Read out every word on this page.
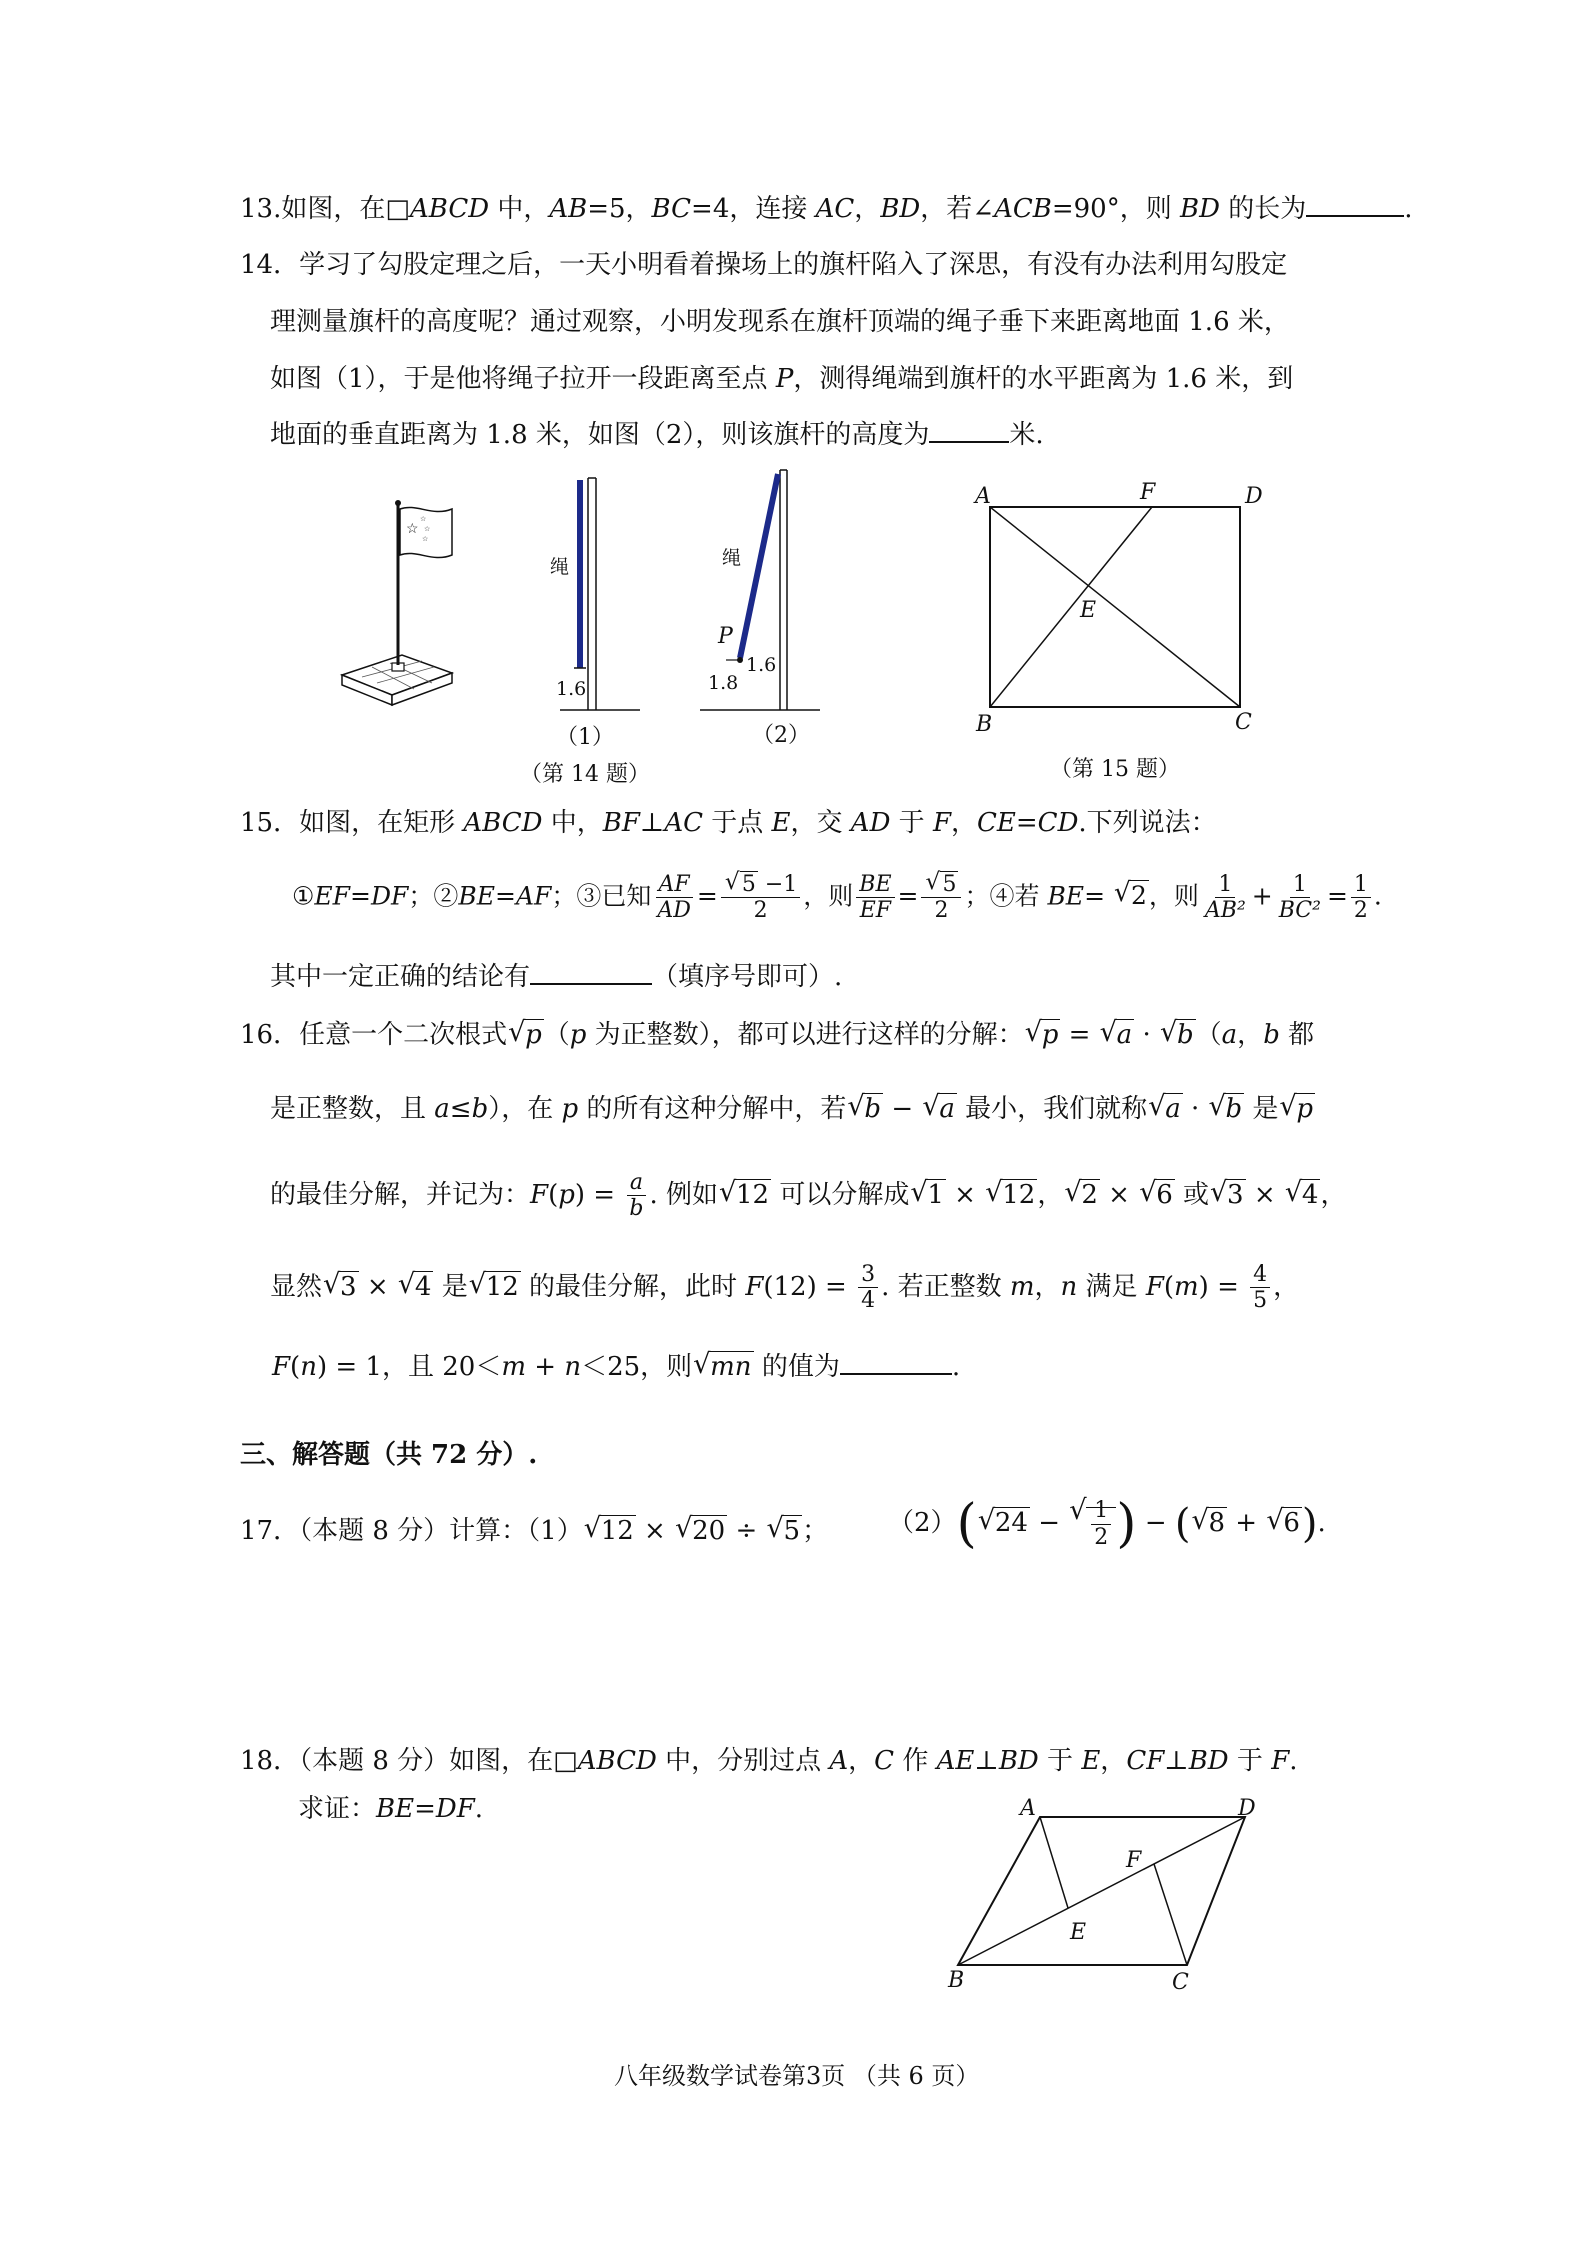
13.如图，在□ABCD 中，AB=5，BC=4，连接 AC，BD，若∠ACB=90°，则 BD 的长为	.
14．学习了勾股定理之后，一天小明看着操场上的旗杆陷入了深思，有没有办法利用勾股定
理测量旗杆的高度呢？通过观察，小明发现系在旗杆顶端的绳子垂下来距离地面 1.6 米，
如图（1），于是他将绳子拉开一段距离至点 P，测得绳端到旗杆的水平距离为 1.6 米，到
地面的垂直距离为 1.8 米，如图（2），则该旗杆的高度为	米.
☆
☆
☆
☆
绳
1.6
（1）
绳
P
1.6
1.8
（2）
（第 14 题）
A	F	D
E
B	C
（第 15 题）
15．如图，在矩形 ABCD 中，BF⊥AC 于点 E，交 AD 于 F，CE=CD.下列说法：
①EF=DF；②BE=AF；③已知 $\frac{AF}{AD}$ = √ $\frac{5 -1}{2}$ ，则 $\frac{BE}{EF}$ = √ $\frac{5}{2}$ ；④若 BE= √ 2，则 $\frac{1}{\text{AB²}} + \frac{1}{\text{BC²}} = \frac{1}{2}$ .
其中一定正确的结论有	（填序号即可）.
16．任意一个二次根式 √ p（p 为正整数），都可以进行这样的分解： √ p = √ a · √ b（a，b 都
是正整数，且 a≤b），在 p 的所有这种分解中，若 √ b − √ a 最小，我们就称 √ a · √ b 是 √ p
的最佳分解，并记为：$F(p) = \frac{a}{b}$ . 例如 √ 12 可以分解成 √ 1 × √ 12， √ 2 × √ 6 或 √ 3 × √ 4，
显然 √ 3 × √ 4 是 √ 12 的最佳分解，此时 $F(12) = \frac{3}{4}$ . 若正整数 m，n 满足 $F(m) = \frac{4}{5}$ ，
F(n) = 1，且 20＜m + n＜25，则 √ mn 的值为	.
三、解答题（共 72 分）.
17．（本题 8 分）计算：（1） √ 12 × √ 20 ÷ √ 5； （2）( √ 24 − √ $\frac{1}{2}$ ) − ( √ 8 + √ 6).
18．（本题 8 分）如图，在□ABCD 中，分别过点 A，C 作 AE⊥BD 于 E，CF⊥BD 于 F.
求证：BE=DF.	A	D
F
E
B	C
八年级数学试卷第3页 （共 6 页）
